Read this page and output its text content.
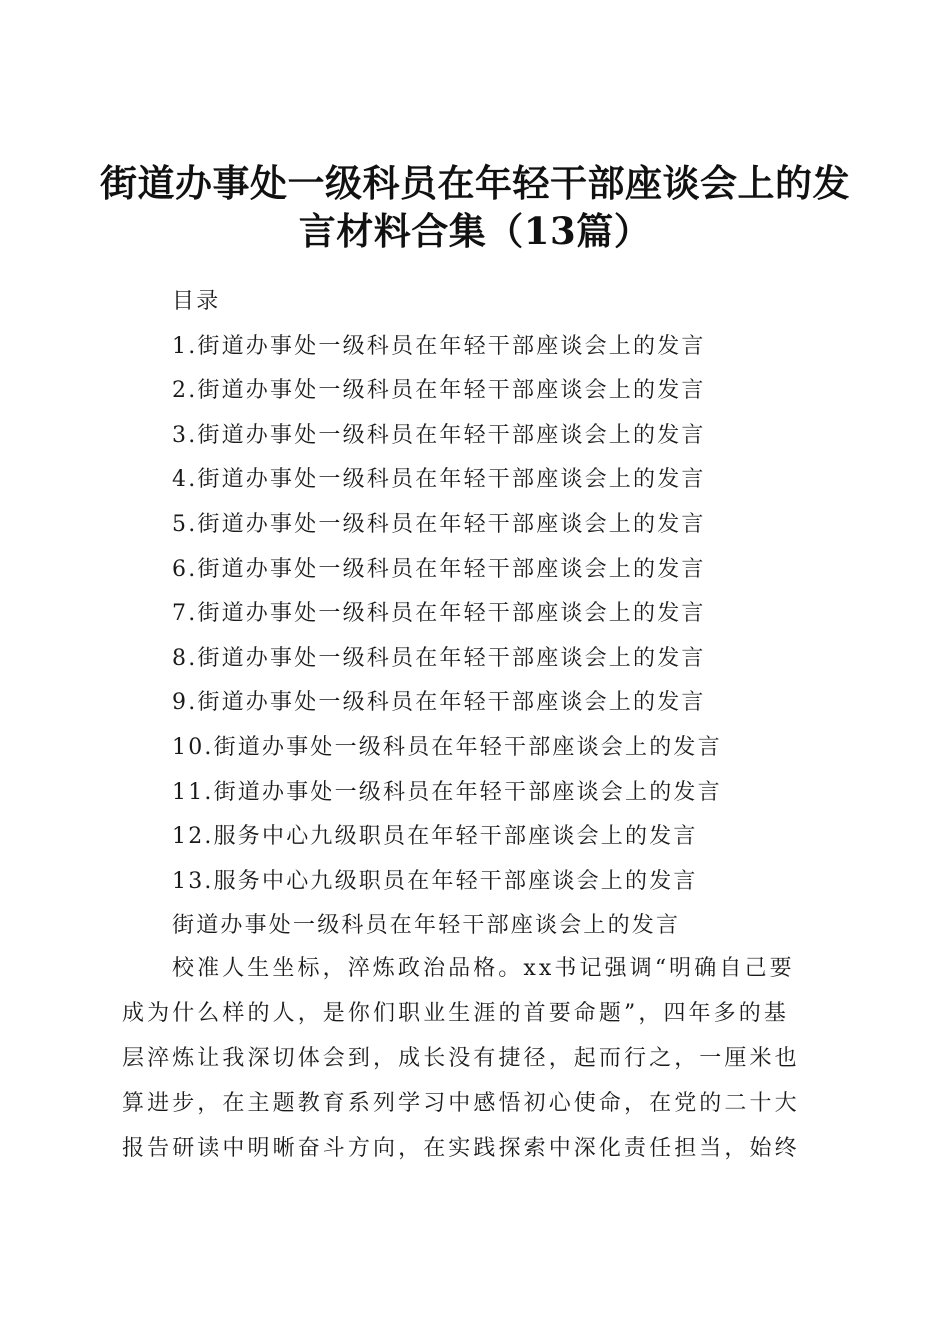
街道办事处一级科员在年轻干部座谈会上的发
言材料合集（13篇）
目录
1.街道办事处一级科员在年轻干部座谈会上的发言
2.街道办事处一级科员在年轻干部座谈会上的发言
3.街道办事处一级科员在年轻干部座谈会上的发言
4.街道办事处一级科员在年轻干部座谈会上的发言
5.街道办事处一级科员在年轻干部座谈会上的发言
6.街道办事处一级科员在年轻干部座谈会上的发言
7.街道办事处一级科员在年轻干部座谈会上的发言
8.街道办事处一级科员在年轻干部座谈会上的发言
9.街道办事处一级科员在年轻干部座谈会上的发言
10.街道办事处一级科员在年轻干部座谈会上的发言
11.街道办事处一级科员在年轻干部座谈会上的发言
12.服务中心九级职员在年轻干部座谈会上的发言
13.服务中心九级职员在年轻干部座谈会上的发言
街道办事处一级科员在年轻干部座谈会上的发言
校准人生坐标，淬炼政治品格。xx书记强调“明确自己要
成为什么样的人，是你们职业生涯的首要命题”，四年多的基
层淬炼让我深切体会到，成长没有捷径，起而行之，一厘米也
算进步，在主题教育系列学习中感悟初心使命，在党的二十大
报告研读中明晰奋斗方向，在实践探索中深化责任担当，始终
